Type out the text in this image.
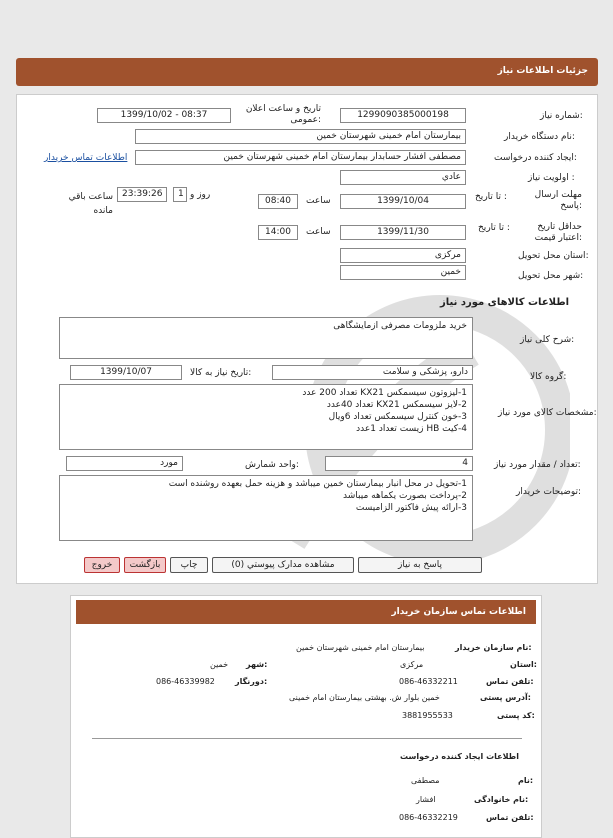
جزئیات اطلاعات نیاز
شماره نیاز:
1299090385000198
تاریخ و ساعت اعلان عمومی:
1399/10/02 - 08:37
نام دستگاه خریدار:
بیمارستان امام خمینی شهرستان خمین
ایجاد کننده درخواست:
مصطفی افشار حسابدار بیمارستان امام خمینی شهرستان خمین
اطلاعات تماس خریدار
اولویت نیاز :
عادي
مهلت ارسال پاسخ:
تا تاریخ :
1399/10/04
ساعت
08:40
1 روز و
23:39:26
ساعت باقي مانده
حداقل تاریخ اعتبار قیمت:
تا تاریخ :
1399/11/30
ساعت
14:00
استان محل تحویل:
مرکزی
شهر محل تحویل:
خمین
اطلاعات کالاهای مورد نیاز
شرح کلی نیاز:
خرید ملزومات مصرفی ازمایشگاهی
گروه کالا:
دارو، پزشکی و سلامت
تاریخ نیاز به کالا:
1399/10/07
مشخصات کالای مورد نیاز:
1-لیزوتون سیسمکس KX21 تعداد 200 عدد
2-لایز سیسمکس KX21 تعداد 40عدد
3-خون کنترل سیسمکس تعداد 6ویال
4-کیت HB زیست تعداد 1عدد
تعداد / مقدار مورد نیاز:
4
واحد شمارش:
مورد
توضیحات خریدار:
1-تحویل در محل انبار بیمارستان خمین میباشد و هزینه حمل بعهده روشنده است
2-پرداخت بصورت یکماهه میباشد
3-ارائه پیش فاکتور الزامیست
پاسخ به نیاز
مشاهده مدارک پیوستي (0)
چاپ
بازگشت
خروج
اطلاعات تماس سازمان خریدار
نام سازمان خریدار:
بیمارستان امام خمینی شهرستان خمین
استان:
مرکزی
شهر:
خمین
تلفن تماس:
086-46332211
دورنگار:
086-46339982
آدرس پستی:
خمین بلوار ش. بهشتی بیمارستان امام خمینی
کد پستی:
3881955533
اطلاعات ایجاد کننده درخواست
نام:
مصطفی
نام خانوادگی:
افشار
تلفن تماس:
086-46332219
